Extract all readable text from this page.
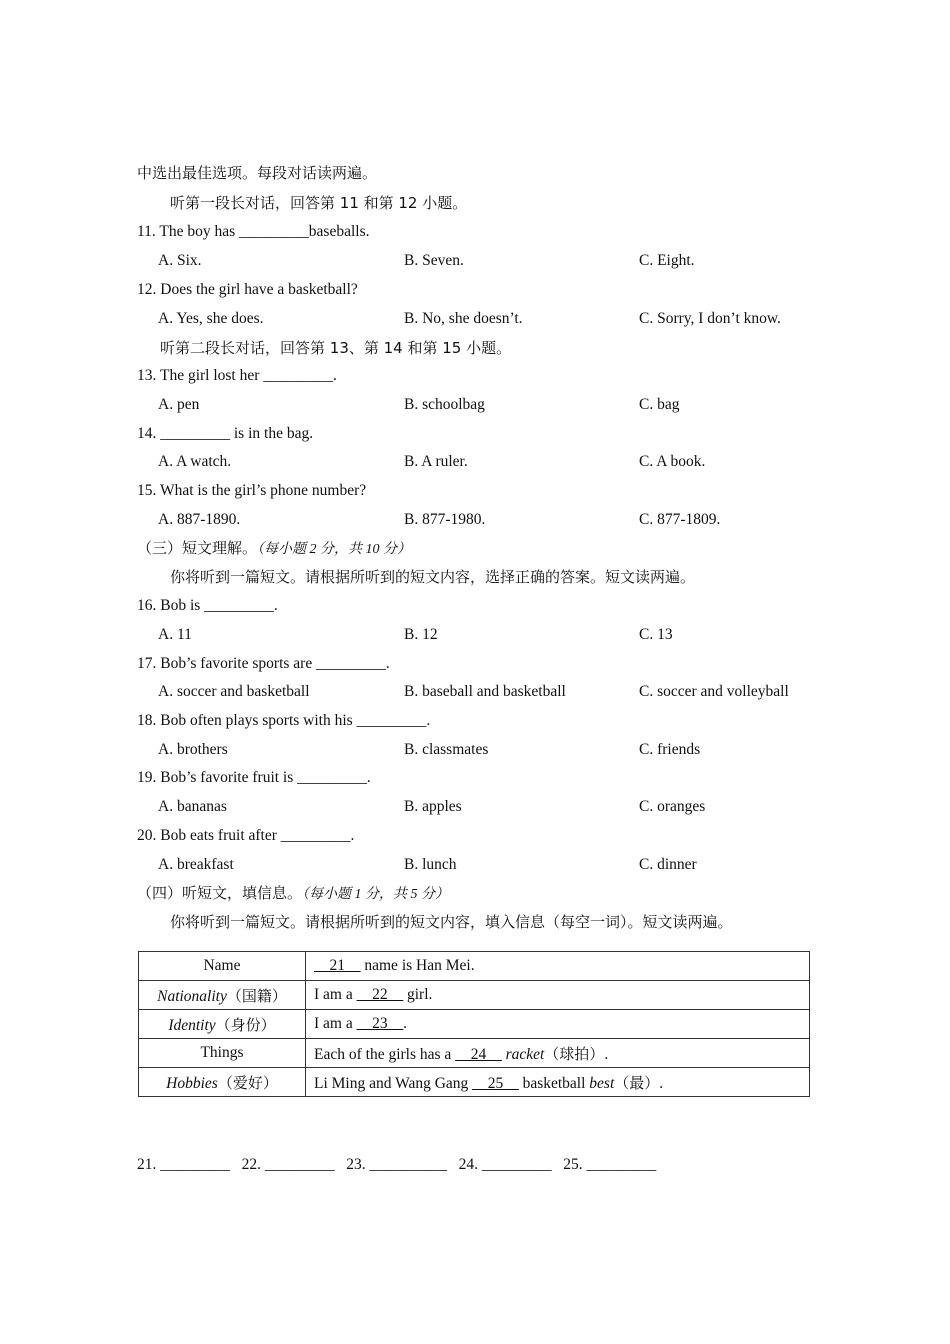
中选出最佳选项。每段对话读两遍。
听第一段长对话，回答第 11 和第 12 小题。
11. The boy has _________baseballs.
A. Six.	B. Seven.	C. Eight.
12. Does the girl have a basketball?
A. Yes, she does.	B. No, she doesn’t.	C. Sorry, I don’t know.
听第二段长对话，回答第 13、第 14 和第 15 小题。
13. The girl lost her _________.
A. pen	B. schoolbag	C. bag
14. _________ is in the bag.
A. A watch.	B. A ruler.	C. A book.
15. What is the girl’s phone number?
A. 887-1890.	B. 877-1980.	C. 877-1809.
（三）短文理解。（每小题 2 分，共 10 分）
你将听到一篇短文。请根据所听到的短文内容，选择正确的答案。短文读两遍。
16. Bob is _________.
A. 11	B. 12	C. 13
17. Bob’s favorite sports are _________.
A. soccer and basketball	B. baseball and basketball	C. soccer and volleyball
18. Bob often plays sports with his _________.
A. brothers	B. classmates	C. friends
19. Bob’s favorite fruit is _________.
A. bananas	B. apples	C. oranges
20. Bob eats fruit after _________.
A. breakfast	B. lunch	C. dinner
（四）听短文，填信息。（每小题 1 分，共 5 分）
你将听到一篇短文。请根据所听到的短文内容，填入信息（每空一词）。短文读两遍。
Name	__21__ name is Han Mei.
Nationality（国籍）	I am a __22__ girl.
Identity（身份）	I am a __23__.
Things	Each of the girls has a __24__ racket（球拍）.
Hobbies（爱好）	Li Ming and Wang Gang __25__ basketball best（最）.
21. _________   22. _________   23. __________   24. _________   25. _________
